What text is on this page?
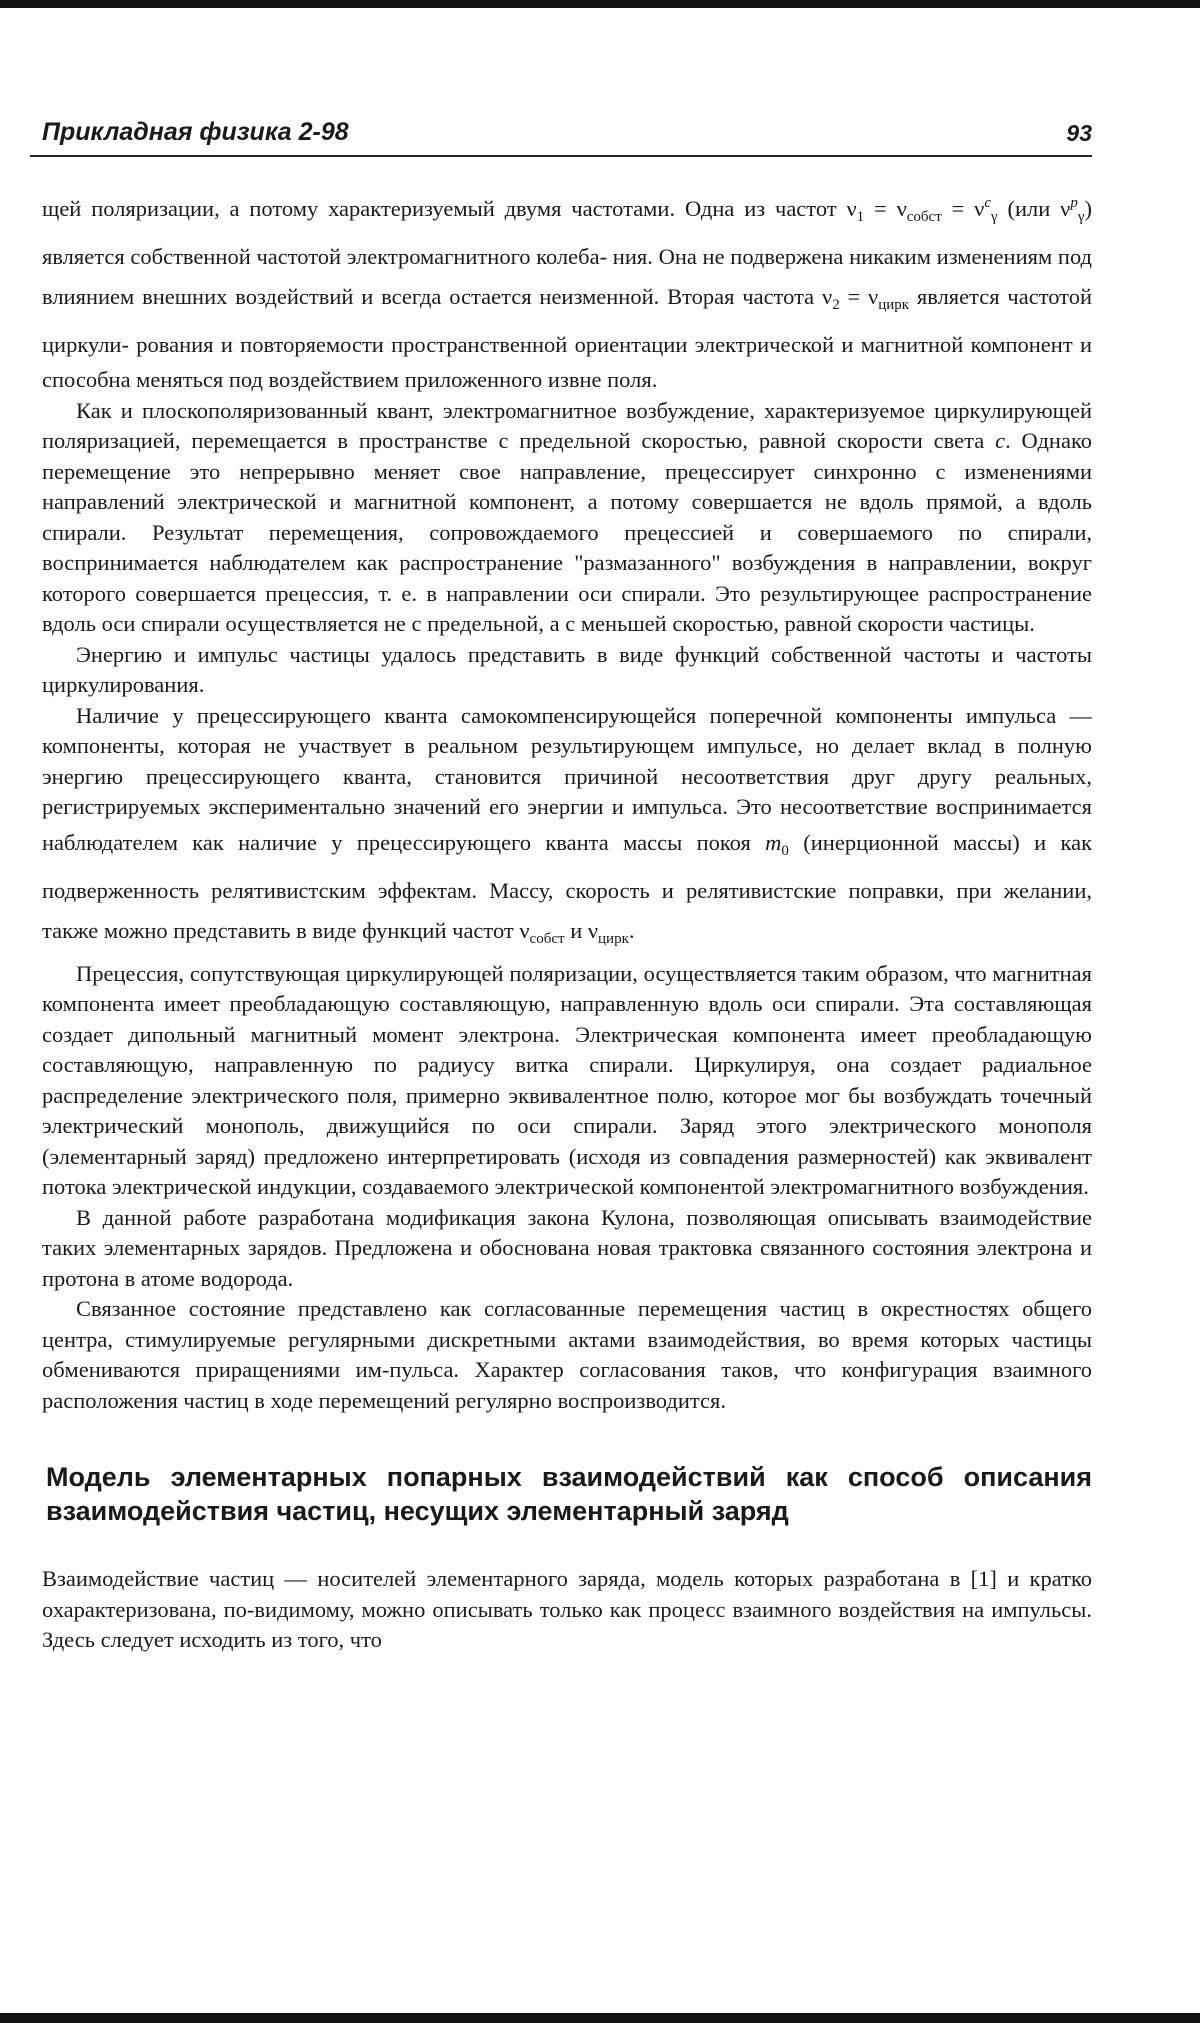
Прикладная физика 2-98	93

щей поляризации, а потому характеризуемый двумя частотами. Одна из частот $\nu_1 = \nu_{собст} = \nu^c_\gamma$ (или $\nu^p_\gamma$) является собственной частотой электромагнитного колеба- ния. Она не подвержена никаким изменениям под влиянием внешних воздействий и всегда остается неизменной. Вторая частота $\nu_2 = \nu_{цирк}$ является частотой циркули- рования и повторяемости пространственной ориентации электрической и магнитной компонент и способна меняться под воздействием приложенного извне поля.

Как и плоскополяризованный квант, электромагнитное возбуждение, характеризуемое циркулирующей поляризацией, перемещается в пространстве с предельной скоростью, равной скорости света c. Однако перемещение это непрерывно меняет свое направление, прецессирует синхронно с изменениями направлений электрической и магнитной компонент, а потому совершается не вдоль прямой, а вдоль спирали. Результат перемещения, сопровождаемого прецессией и совершаемого по спирали, воспринимается наблюдателем как распространение "размазанного" возбуждения в направлении, вокруг которого совершается прецессия, т. е. в направлении оси спирали. Это результирующее распространение вдоль оси спирали осуществляется не с предельной, а с меньшей скоростью, равной скорости частицы.

Энергию и импульс частицы удалось представить в виде функций собственной частоты и частоты циркулирования.

Наличие у прецессирующего кванта самокомпенсирующейся поперечной компоненты импульса — компоненты, которая не участвует в реальном результирующем импульсе, но делает вклад в полную энергию прецессирующего кванта, становится причиной несоответствия друг другу реальных, регистрируемых экспериментально значений его энергии и импульса. Это несоответствие воспринимается наблюдателем как наличие у прецессирующего кванта массы покоя $m_0$ (инерционной массы) и как подверженность релятивистским эффектам. Массу, скорость и релятивистские поправки, при желании, также можно представить в виде функций частот $\nu_{собст}$ и $\nu_{цирк}$.

Прецессия, сопутствующая циркулирующей поляризации, осуществляется таким образом, что магнитная компонента имеет преобладающую составляющую, направленную вдоль оси спирали. Эта составляющая создает дипольный магнитный момент электрона. Электрическая компонента имеет преобладающую составляющую, направленную по радиусу витка спирали. Циркулируя, она создает радиальное распределение электрического поля, примерно эквивалентное полю, которое мог бы возбуждать точечный электрический монополь, движущийся по оси спирали. Заряд этого электрического монополя (элементарный заряд) предложено интерпретировать (исходя из совпадения размерностей) как эквивалент потока электрической индукции, создаваемого электрической компонентой электромагнитного возбуждения.

В данной работе разработана модификация закона Кулона, позволяющая описывать взаимодействие таких элементарных зарядов. Предложена и обоснована новая трактовка связанного состояния электрона и протона в атоме водорода.

Связанное состояние представлено как согласованные перемещения частиц в окрестностях общего центра, стимулируемые регулярными дискретными актами взаимодействия, во время которых частицы обмениваются приращениями им-пульса. Характер согласования таков, что конфигурация взаимного расположения частиц в ходе перемещений регулярно воспроизводится.

Модель элементарных попарных взаимодействий как способ описания взаимодействия частиц, несущих элементарный заряд

Взаимодействие частиц — носителей элементарного заряда, модель которых разработана в [1] и кратко охарактеризована, по-видимому, можно описывать только как процесс взаимного воздействия на импульсы. Здесь следует исходить из того, что
